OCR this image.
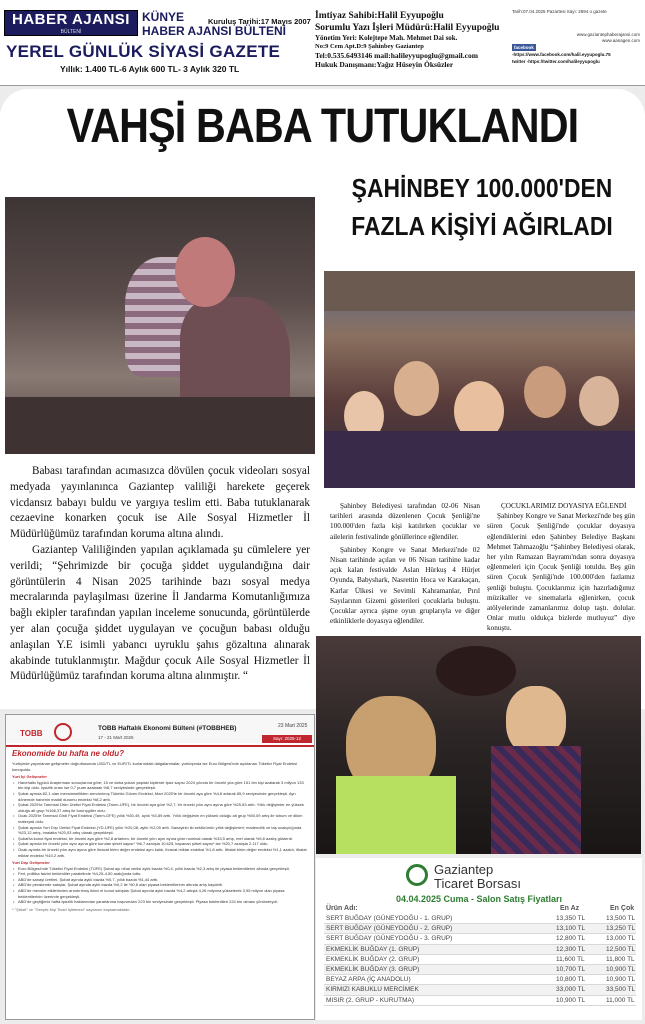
HABER AJANSI
BÜLTENİ
KÜNYE	Kuruluş Tarihi:17 Mayıs 2007
HABER AJANSI BÜLTENİ
YEREL GÜNLÜK SİYASİ GAZETE
Yıllık: 1.400 TL-6 Aylık 600 TL- 3 Aylık 320 TL
İmtiyaz Sahibi:Halil Eyyupoğlu
Sorumlu Yazı İşleri Müdürü:Halil Eyyupoğlu
Yönetim Yeri: Kolejtepe Mah. Mehmet Dai sok.
No:9 Cem Apt.D:9 Şahinbey Gaziantep
Tel:0.535.6493146 mail:halileyyupoglu@gmail.com
Hukuk Danışmanı:Yağız Hüseyin Öksüzler
Tarih:07.04.2025 Pazartesi Sayı: 2694 o gazete
www.gaziantephaberajansi.com
www.aanagen.com
facebook
-https://www.facebook.com/halil.eyyupoglu.75
twitter -https://twitter.com/halileyyupoglu
VAHŞİ BABA TUTUKLANDI

Babası tarafından acımasızca dövülen çocuk videoları sosyal medyada yayınlanınca Gaziantep valiliği harekete geçerek vicdansız babayı buldu ve yargıya teslim etti. Baba tutuklanarak cezaevine konarken çocuk ise Aile Sosyal Hizmetler İl Müdürlüğümüz tarafından koruma altına alındı.

Gaziantep Valiliğinden yapılan açıklamada şu cümlelere yer verildi; “Şehrimizde bir çocuğa şiddet uygulandığına dair görüntülerin 4 Nisan 2025 tarihinde bazı sosyal medya mecralarında paylaşılması üzerine İl Jandarma Komutanlığımıza bağlı ekipler tarafından yapılan inceleme sonucunda, görüntülerde yer alan çocuğa şiddet uygulayan ve çocuğun babası olduğu anlaşılan Y.E isimli yabancı uyruklu şahıs gözaltına alınarak akabinde tutuklanmıştır. Mağdur çocuk Aile Sosyal Hizmetler İl Müdürlüğümüz tarafından koruma altına alınmıştır. “

ŞAHİNBEY 100.000'DEN
FAZLA KİŞİYİ AĞIRLADI

Şahinbey Belediyesi tarafından 02-06 Nisan tarihleri arasında düzenlenen Çocuk Şenliği'ne 100.000'den fazla kişi katılırken çocuklar ve ailelerin festivalinde gönüllerince eğlendiler.

Şahinbey Kongre ve Sanat Merkezi'nde 02 Nisan tarihinde açılan ve 06 Nisan tarihine kadar açık kalan festivalde Aslan Hürkuş 4 Hürjet Oyunda, Babyshark, Nasrettin Hoca ve Karakaçan, Karlar Ülkesi ve Sevimli Kahramanlar, Pırıl Sayılarının Gizemi gösterileri çocuklarla buluştu. Çocuklar ayrıca şişme oyun gruplarıyla ve diğer etkinliklerle doyasıya eğlendiler.

ÇOCUKLARIMIZ DOYASIYA EĞLENDİ

Şahinbey Kongre ve Sanat Merkezi'nde beş gün süren Çocuk Şenliği'nde çocuklar doyasıya eğlendiklerini eden Şahinbey Belediye Başkanı Mehmet Tahmazoğlu “Şahinbey Belediyesi olarak, her yılın Ramazan Bayramı'ndan sonra doyasıya eğlenmeleri için Çocuk Şenliği totuldu. Beş gün süren Çocuk Şenliği'nde 100.000'den fazlamız şenliği buluştu. Çocuklarımız için hazırladığımız müzikaller ve sinemalarla eğlenirken, çocuk atölyelerinde zamanlarımız dolup taştı. dolular. Onlar mutlu oldukça bizlerde mutluyuz” diye konuştu.

TOBB
TOBB Haftalık Ekonomi Bülteni (#TOBBHEB)
17 - 21 Mart 2025
23 Mart 2025
Sayı: 2025-12
Ekonomide bu hafta ne oldu?
Yurtiçinde yayınlanan gelişmeler doğrultusunda USD/TL ve EUR/TL kurlarındaki dalgalanmalar, yurtdışında ise Euro Bölgesi'nde açıklanan Tüketici Fiyat Endeksi konuşuldu.
Yurt İçi Gelişmeler
• Hanehalkı İşgücü Araştırması sonuçlarına göre; 15 ve daha yukarı yaştaki kişilerde işsiz sayısı 2024 yılında bir önceki yıla göre 151 bin kişi azalarak 3 milyon 133 bin kişi oldu. İşsizlik oranı ise 0,7 puan azalarak %8,7 seviyesinde gerçekleşti.
• Şubat ayında 82,1 olan mevsimsellikten arındırılmış Tüketici Güven Endeksi, Mart 2025'te bir önceki aya göre %4,6 artarak 85,9 seviyesinde gerçekleşti. Ayrı dönemde hanenin maddi durumu endeksi %8,2 arttı.
• Şubat 2025'te Tarımsal Ürün Üretici Fiyat Endeksi (Tarım-ÜFE), bir önceki aya göre %2,7, bir önceki yılın aynı ayına göre %25,83 arttı. Yıllık değişimler en yüksek olduğu alt grup %166,37 artış ile turunçgiller oldu.
• Ocak 2025'te Tarımsal Girdi Fiyat Endeksi (Tarım-GFE) yıllık %30,49, aylık %3,89 arttı. Yıllık değişimin en yüksek olduğu alt grup %50,09 artış ile tohum ve dikim materyali oldu.
• Şubat ayında Yurt Dışı Üretici Fiyat Endeksi (YD-ÜFE) yıllık %20,08, aylık %2,05 arttı. Sanayinin iki sektörünün yıllık değişimleri; madencilik ve taş ocakçılığında %23,12 artış, imalatta %20,03 artış olarak gerçekleşti.
• Şubat'ta konut fiyat endeksi, bir önceki aya göre %2,8 artarken, bir önceki yılın aynı ayına göre nominal olarak %33,5 artış, reel olarak %5,6 azalış gösterdi.
• Şubat ayında bir önceki yılın aynı ayına göre kurulan şirket sayısı* %6,7 azalışla 10.625, kapanan şirket sayısı* ise %20,7 azalışla 2.117 oldu.
• Ocak ayında bir önceki yılın aynı ayına göre ihracat birim değer endeksi aynı kaldı, ihracat miktar endeksi %1,8 arttı. İthalat birim değer endeksi %1,1 azaldı, ithalat miktar endeksi %10,2 arttı.
Yurt Dışı Gelişmeler
• Euro Bölgesi'nde Tüketici Fiyat Endeksi (TÜFE) Şubat ayı nihai veriisi aylık bazda %0,4, yıllık bazda %2,3 artış ile piyasa beklentilerini altında gerçekleşti.
• Fed, politika faizini beklentiler paralelinde %4,25-4,50 aralığında tuttu.
• ABD'de sanayi üretimi, Şubat ayında aylık bazda %0,7, yıllık bazda %1,44 arttı.
• ABD'de perakende satışlar, Şubat ayında aylık bazda %0,2 ile %0,6 olan piyasa beklentilerinin altında artış kaydetti.
• ABD'de mevsim etkilerinden arındırılmış ikinci el konut satışları Şubat ayında aylık bazda %4,2 artışla 4,26 milyona yükselerek 3,95 milyon olan piyasa beklentilerinin üzerinde gerçekleşti.
• ABD'de geçtiğimiz hafta işsizlik haklarından yararlanma başvuruları 223 bin seviyesinde gerçekleşti. Piyasa beklentileri 224 bin olması yönündeydi.
* "Şirket" ve "Gerçek Kişi Ticari İşletmesi" sayılarını kapsamaktadır.
Gaziantep
Ticaret Borsası
04.04.2025 Cuma - Salon Satış Fiyatları
Ürün Adı:	En Az	En Çok
SERT BUĞDAY (GÜNEYDOĞU - 1. GRUP)	13,350 TL	13,500 TL
SERT BUĞDAY (GÜNEYDOĞU - 2. GRUP)	13,100 TL	13,250 TL
SERT BUĞDAY (GÜNEYDOĞU - 3. GRUP)	12,800 TL	13,000 TL
EKMEKLİK BUĞDAY (1. GRUP)	12,300 TL	12,500 TL
EKMEKLİK BUĞDAY (2. GRUP)	11,600 TL	11,800 TL
EKMEKLİK BUĞDAY (3. GRUP)	10,700 TL	10,900 TL
BEYAZ ARPA (İÇ ANADOLU)	10,800 TL	10,900 TL
KIRMIZI KABUKLU MERCİMEK	33,000 TL	33,500 TL
MISIR (2. GRUP - KURUTMA)	10,900 TL	11,000 TL
